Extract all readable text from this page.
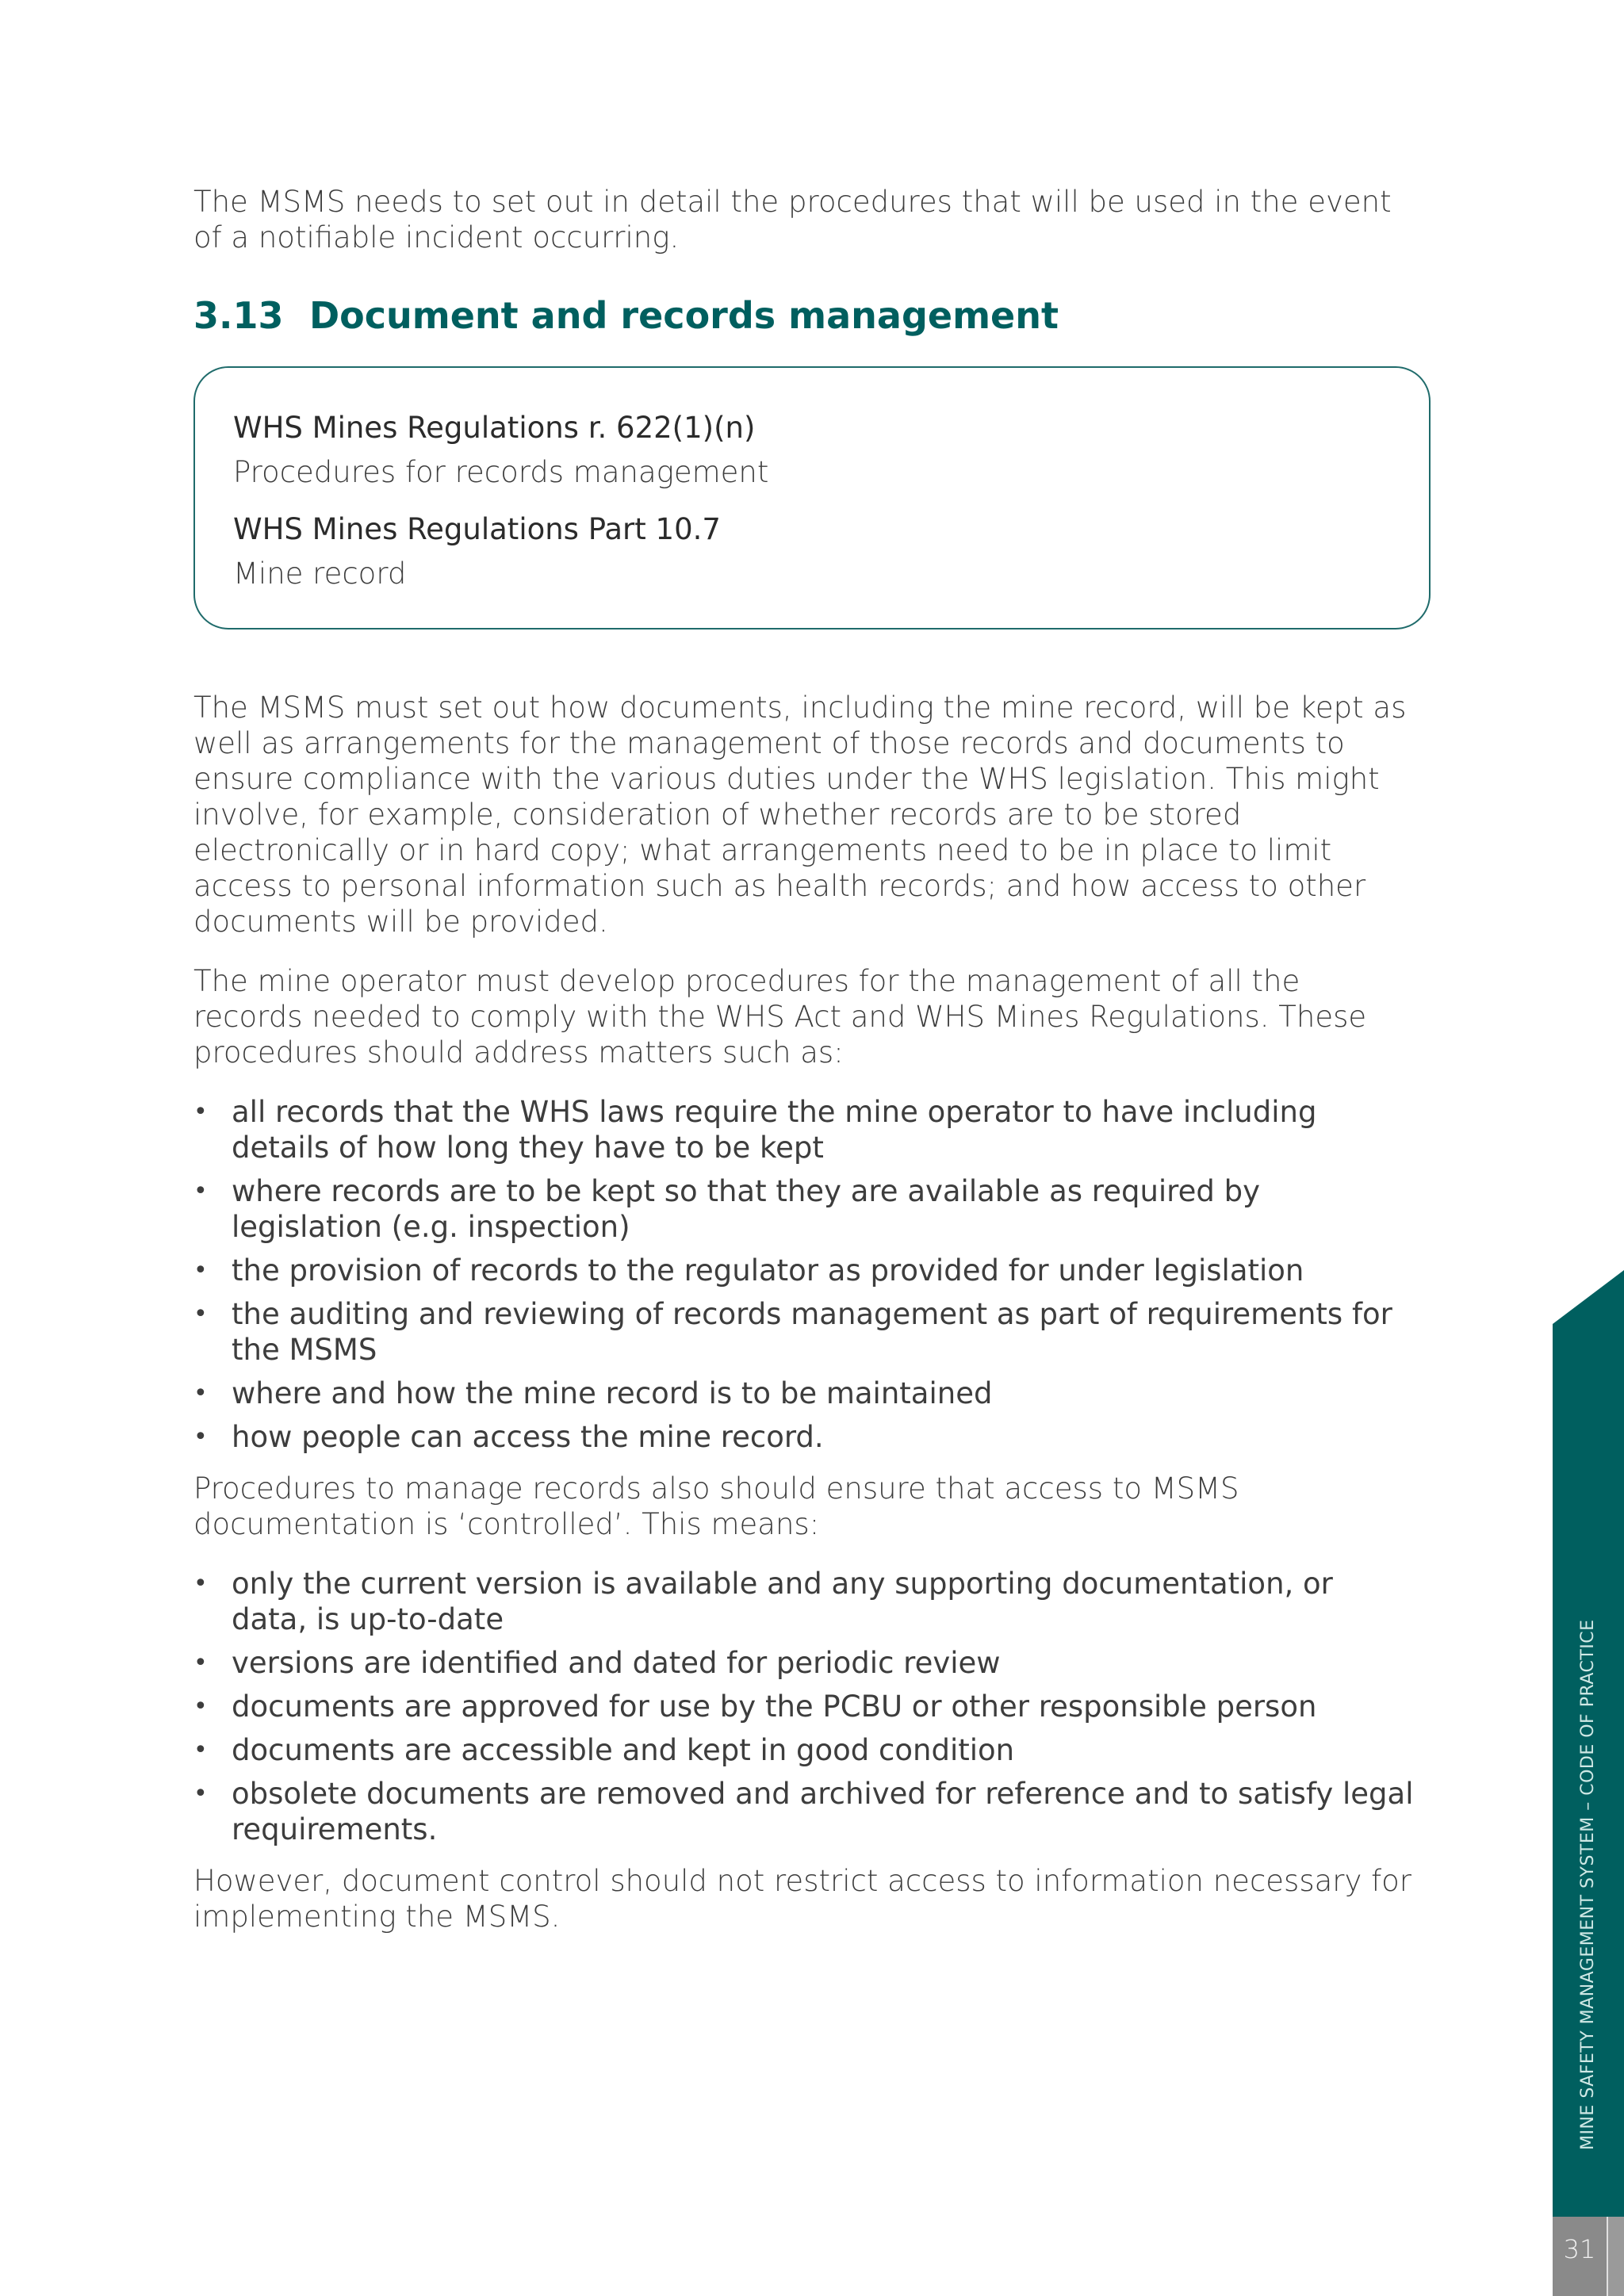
The MSMS needs to set out in detail the procedures that will be used in the event of a notifiable incident occurring.

3.13 Document and records management
WHS Mines Regulations r. 622(1)(n)
Procedures for records management
WHS Mines Regulations Part 10.7
Mine record

The MSMS must set out how documents, including the mine record, will be kept as well as arrangements for the management of those records and documents to ensure compliance with the various duties under the WHS legislation. This might involve, for example, consideration of whether records are to be stored electronically or in hard copy; what arrangements need to be in place to limit access to personal information such as health records; and how access to other documents will be provided.

The mine operator must develop procedures for the management of all the records needed to comply with the WHS Act and WHS Mines Regulations. These procedures should address matters such as:

• all records that the WHS laws require the mine operator to have including details of how long they have to be kept
• where records are to be kept so that they are available as required by legislation (e.g. inspection)
• the provision of records to the regulator as provided for under legislation
• the auditing and reviewing of records management as part of requirements for the MSMS
• where and how the mine record is to be maintained
• how people can access the mine record.

Procedures to manage records also should ensure that access to MSMS documentation is ‘controlled’. This means:

• only the current version is available and any supporting documentation, or data, is up-to-date
• versions are identified and dated for periodic review
• documents are approved for use by the PCBU or other responsible person
• documents are accessible and kept in good condition
• obsolete documents are removed and archived for reference and to satisfy legal requirements.

However, document control should not restrict access to information necessary for implementing the MSMS.	MINE SAFETY MANAGEMENT SYSTEM – CODE OF PRACTICE
31
